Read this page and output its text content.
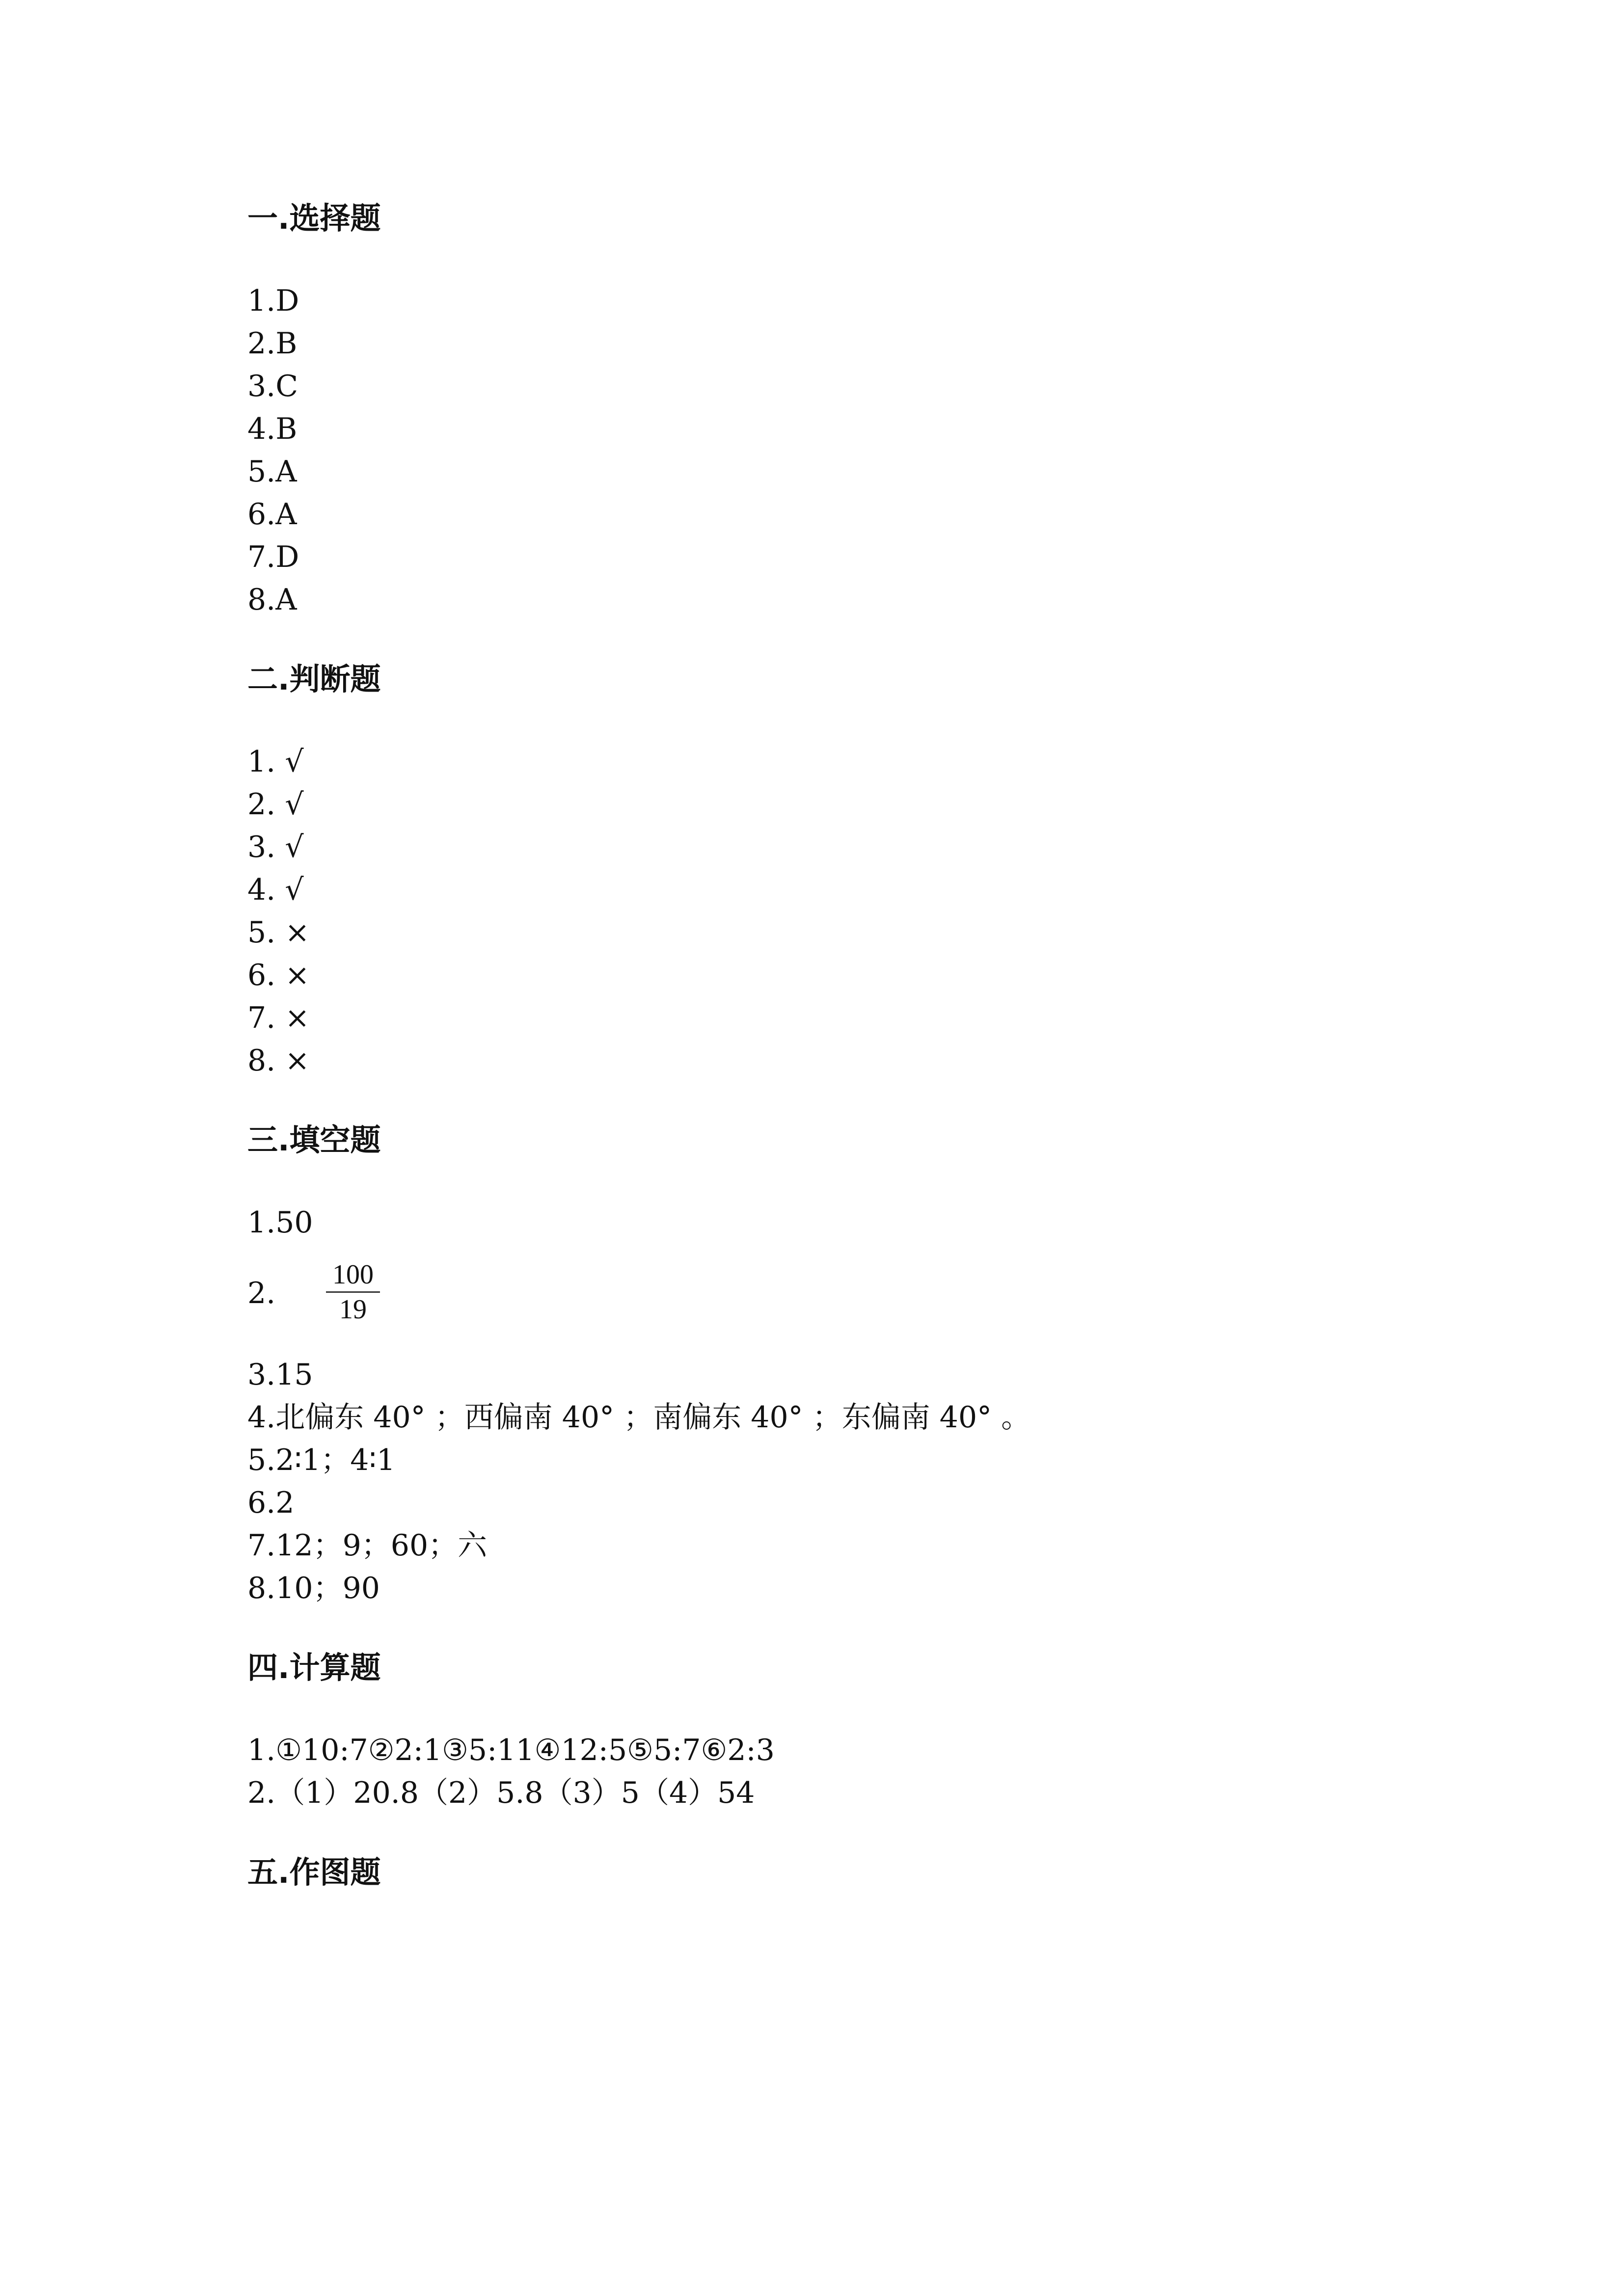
一.选择题
1.D
2.B
3.C
4.B
5.A
6.A
7.D
8.A
二.判断题
1. √
2. √
3. √
4. √
5. ×
6. ×
7. ×
8. ×
三.填空题
1.50
2.
100
19
3.15
4.北偏东 40° ；西偏南 40° ；南偏东 40° ；东偏南 40° 。
5.2∶1；4∶1
6.2
7.12；9；60；六
8.10；90
四.计算题
1.①10:7②2:1③5:11④12:5⑤5:7⑥2:3
2.（1）20.8（2）5.8（3）5（4）54
五.作图题
